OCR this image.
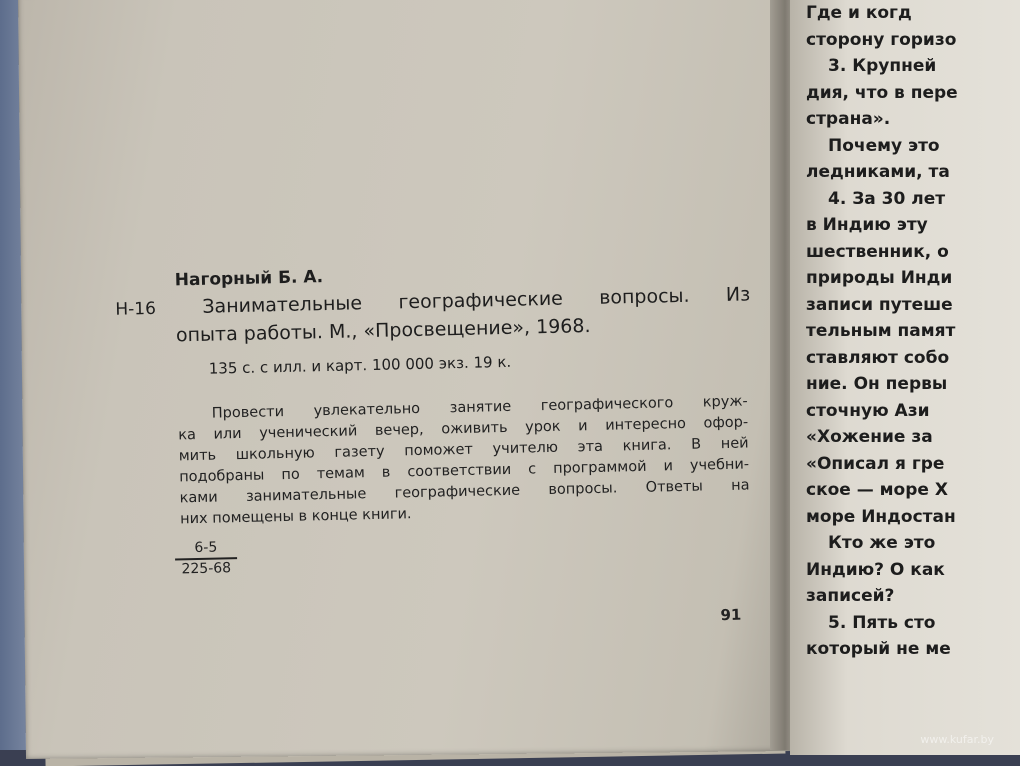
Где и когд
сторону горизо
3. Крупней
дия, что в пере
страна».
Почему это
ледниками, та
4. За 30 лет
в Индию эту
шественник, о
природы Инди
записи путеше
тельным памят
ставляют собо
ние. Он первы
сточную Ази
«Хожение за
«Описал я гре
ское — море Х
море Индостан
Кто же это
Индию? О как
записей?
5. Пять сто
который не ме
Нагорный Б. А.
Н-16 Занимательные географические вопросы. Из
опыта работы. М., «Просвещение», 1968.
135 с. с илл. и карт. 100 000 экз. 19 к.
Провести увлекательно занятие географического круж-
ка или ученический вечер, оживить урок и интересно офор-
мить школьную газету поможет учителю эта книга. В ней
подобраны по темам в соответствии с программой и учебни-
ками занимательные географические вопросы. Ответы на
них помещены в конце книги.
$\frac{6-5}{225-68}$
91
www.kufar.by
